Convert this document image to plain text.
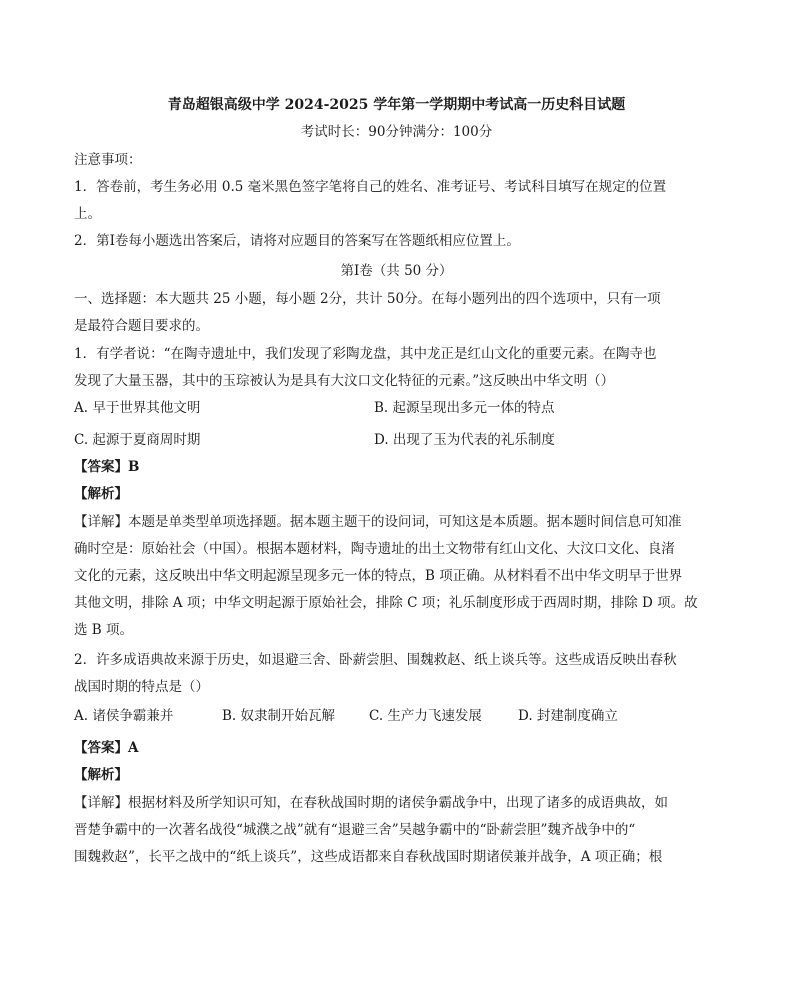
青岛超银高级中学 2024-2025 学年第一学期期中考试高一历史科目试题
考试时长：90分钟满分：100分
注意事项：
1．答卷前，考生务必用 0.5 毫米黑色签字笔将自己的姓名、准考证号、考试科目填写在规定的位置
上。
2．第Ⅰ卷每小题选出答案后，请将对应题目的答案写在答题纸相应位置上。
第Ⅰ卷（共 50 分）
一、选择题：本大题共 25 小题，每小题 2分，共计 50分。在每小题列出的四个选项中，只有一项
是最符合题目要求的。
1．有学者说：“在陶寺遗址中，我们发现了彩陶龙盘，其中龙正是红山文化的重要元素。在陶寺也
发现了大量玉器，其中的玉琮被认为是具有大汶口文化特征的元素。”这反映出中华文明（）
A. 早于世界其他文明	B. 起源呈现出多元一体的特点
C. 起源于夏商周时期	D. 出现了玉为代表的礼乐制度
【答案】B
【解析】
【详解】本题是单类型单项选择题。据本题主题干的设问词，可知这是本质题。据本题时间信息可知准
确时空是：原始社会（中国）。根据本题材料，陶寺遗址的出土文物带有红山文化、大汶口文化、良渚
文化的元素，这反映出中华文明起源呈现多元一体的特点，B 项正确。从材料看不出中华文明早于世界
其他文明，排除 A 项；中华文明起源于原始社会，排除 C 项；礼乐制度形成于西周时期，排除 D 项。故
选 B 项。
2．许多成语典故来源于历史，如退避三舍、卧薪尝胆、围魏救赵、纸上谈兵等。这些成语反映出春秋
战国时期的特点是（）
A. 诸侯争霸兼并	B. 奴隶制开始瓦解	C. 生产力飞速发展	D. 封建制度确立
【答案】A
【解析】
【详解】根据材料及所学知识可知，在春秋战国时期的诸侯争霸战争中，出现了诸多的成语典故，如
晋楚争霸中的一次著名战役“城濮之战”就有“退避三舍”吴越争霸中的“卧薪尝胆”魏齐战争中的“
围魏救赵”，长平之战中的“纸上谈兵”，这些成语都来自春秋战国时期诸侯兼并战争，A 项正确；根
